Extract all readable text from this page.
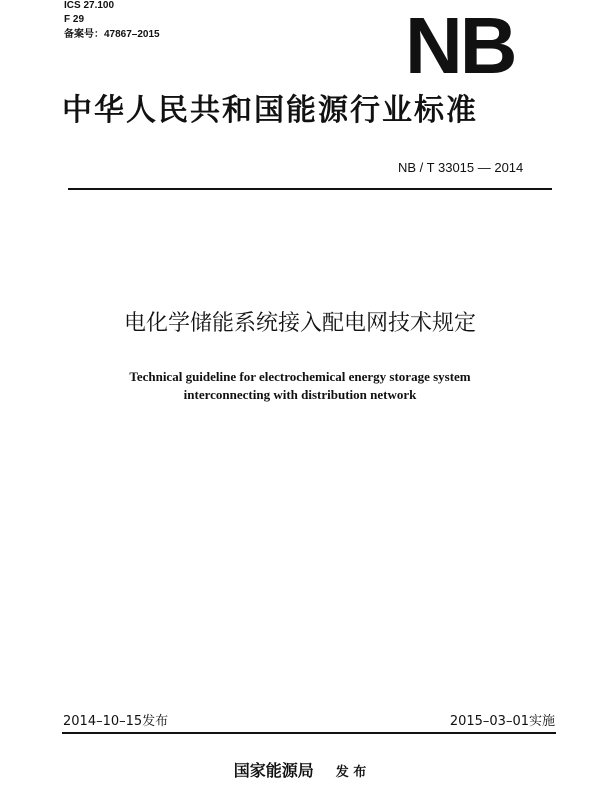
ICS 27.100
F 29
备案号：47867–2015	NB
中华人民共和国能源行业标准
NB / T 33015 — 2014
电化学储能系统接入配电网技术规定
Technical guideline for electrochemical energy storage system
interconnecting with distribution network
2014–10–15发布	2015–03–01实施
国家能源局 发 布
